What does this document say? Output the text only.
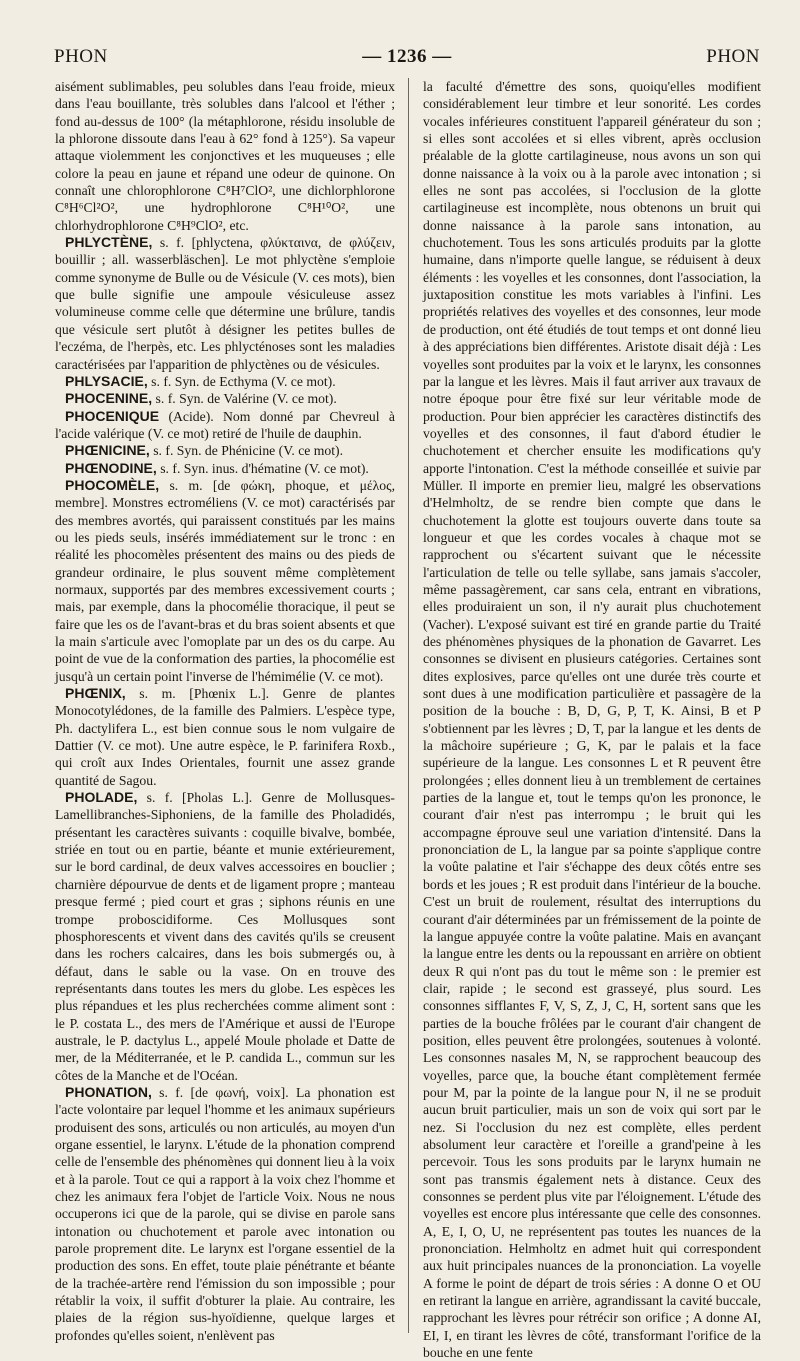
PHON	— 1236 —	PHON

aisément sublimables, peu solubles dans l'eau froide, mieux dans l'eau bouillante, très solubles dans l'alcool et l'éther ; fond au-dessus de 100° (la métaphlorone, résidu insoluble de la phlorone dissoute dans l'eau à 62° fond à 125°). Sa vapeur attaque violemment les conjonctives et les muqueuses ; elle colore la peau en jaune et répand une odeur de quinone. On connaît une chlorophlorone C⁸H⁷ClO², une dichlorphlorone C⁸H⁶Cl²O², une hydrophlorone C⁸H¹⁰O², une chlorhydrophlorone C⁸H⁹ClO², etc.

PHLYCTÈNE, s. f. [phlyctena, φλύκταινα, de φλύζειν, bouillir ; all. wasserbläschen]. Le mot phlyctène s'emploie comme synonyme de Bulle ou de Vésicule (V. ces mots), bien que bulle signifie une ampoule vésiculeuse assez volumineuse comme celle que détermine une brûlure, tandis que vésicule sert plutôt à désigner les petites bulles de l'eczéma, de l'herpès, etc. Les phlycténoses sont les maladies caractérisées par l'apparition de phlyctènes ou de vésicules.

PHLYSACIE, s. f. Syn. de Ecthyma (V. ce mot).

PHOCENINE, s. f. Syn. de Valérine (V. ce mot).

PHOCENIQUE (Acide). Nom donné par Chevreul à l'acide valérique (V. ce mot) retiré de l'huile de dauphin.

PHŒNICINE, s. f. Syn. de Phénicine (V. ce mot).

PHŒNODINE, s. f. Syn. inus. d'hématine (V. ce mot).

PHOCOMÈLE, s. m. [de φώκη, phoque, et μέλος, membre]. Monstres ectroméliens (V. ce mot) caractérisés par des membres avortés, qui paraissent constitués par les mains ou les pieds seuls, insérés immédiatement sur le tronc : en réalité les phocomèles présentent des mains ou des pieds de grandeur ordinaire, le plus souvent même complètement normaux, supportés par des membres excessivement courts ; mais, par exemple, dans la phocomélie thoracique, il peut se faire que les os de l'avant-bras et du bras soient absents et que la main s'articule avec l'omoplate par un des os du carpe. Au point de vue de la conformation des parties, la phocomélie est jusqu'à un certain point l'inverse de l'hémimélie (V. ce mot).

PHŒNIX, s. m. [Phœnix L.]. Genre de plantes Monocotylédones, de la famille des Palmiers. L'espèce type, Ph. dactylifera L., est bien connue sous le nom vulgaire de Dattier (V. ce mot). Une autre espèce, le P. farinifera Roxb., qui croît aux Indes Orientales, fournit une assez grande quantité de Sagou.

PHOLADE, s. f. [Pholas L.]. Genre de Mollusques-Lamellibranches-Siphoniens, de la famille des Pholadidés, présentant les caractères suivants : coquille bivalve, bombée, striée en tout ou en partie, béante et munie extérieurement, sur le bord cardinal, de deux valves accessoires en bouclier ; charnière dépourvue de dents et de ligament propre ; manteau presque fermé ; pied court et gras ; siphons réunis en une trompe proboscidiforme. Ces Mollusques sont phosphorescents et vivent dans des cavités qu'ils se creusent dans les rochers calcaires, dans les bois submergés ou, à défaut, dans le sable ou la vase. On en trouve des représentants dans toutes les mers du globe. Les espèces les plus répandues et les plus recherchées comme aliment sont : le P. costata L., des mers de l'Amérique et aussi de l'Europe australe, le P. dactylus L., appelé Moule pholade et Datte de mer, de la Méditerranée, et le P. candida L., commun sur les côtes de la Manche et de l'Océan.

PHONATION, s. f. [de φωνή, voix]. La phonation est l'acte volontaire par lequel l'homme et les animaux supérieurs produisent des sons, articulés ou non articulés, au moyen d'un organe essentiel, le larynx. L'étude de la phonation comprend celle de l'ensemble des phénomènes qui donnent lieu à la voix et à la parole. Tout ce qui a rapport à la voix chez l'homme et chez les animaux fera l'objet de l'article Voix. Nous ne nous occuperons ici que de la parole, qui se divise en parole sans intonation ou chuchotement et parole avec intonation ou parole proprement dite. Le larynx est l'organe essentiel de la production des sons. En effet, toute plaie pénétrante et béante de la trachée-artère rend l'émission du son impossible ; pour rétablir la voix, il suffit d'obturer la plaie. Au contraire, les plaies de la région sus-hyoïdienne, quelque larges et profondes qu'elles soient, n'enlèvent pas

la faculté d'émettre des sons, quoiqu'elles modifient considérablement leur timbre et leur sonorité. Les cordes vocales inférieures constituent l'appareil générateur du son ; si elles sont accolées et si elles vibrent, après occlusion préalable de la glotte cartilagineuse, nous avons un son qui donne naissance à la voix ou à la parole avec intonation ; si elles ne sont pas accolées, si l'occlusion de la glotte cartilagineuse est incomplète, nous obtenons un bruit qui donne naissance à la parole sans intonation, au chuchotement. Tous les sons articulés produits par la glotte humaine, dans n'importe quelle langue, se réduisent à deux éléments : les voyelles et les consonnes, dont l'association, la juxtaposition constitue les mots variables à l'infini. Les propriétés relatives des voyelles et des consonnes, leur mode de production, ont été étudiés de tout temps et ont donné lieu à des appréciations bien différentes. Aristote disait déjà : Les voyelles sont produites par la voix et le larynx, les consonnes par la langue et les lèvres. Mais il faut arriver aux travaux de notre époque pour être fixé sur leur véritable mode de production. Pour bien apprécier les caractères distinctifs des voyelles et des consonnes, il faut d'abord étudier le chuchotement et chercher ensuite les modifications qu'y apporte l'intonation. C'est la méthode conseillée et suivie par Müller. Il importe en premier lieu, malgré les observations d'Helmholtz, de se rendre bien compte que dans le chuchotement la glotte est toujours ouverte dans toute sa longueur et que les cordes vocales à chaque mot se rapprochent ou s'écartent suivant que le nécessite l'articulation de telle ou telle syllabe, sans jamais s'accoler, même passagèrement, car sans cela, entrant en vibrations, elles produiraient un son, il n'y aurait plus chuchotement (Vacher). L'exposé suivant est tiré en grande partie du Traité des phénomènes physiques de la phonation de Gavarret. Les consonnes se divisent en plusieurs catégories. Certaines sont dites explosives, parce qu'elles ont une durée très courte et sont dues à une modification particulière et passagère de la position de la bouche : B, D, G, P, T, K. Ainsi, B et P s'obtiennent par les lèvres ; D, T, par la langue et les dents de la mâchoire supérieure ; G, K, par le palais et la face supérieure de la langue. Les consonnes L et R peuvent être prolongées ; elles donnent lieu à un tremblement de certaines parties de la langue et, tout le temps qu'on les prononce, le courant d'air n'est pas interrompu ; le bruit qui les accompagne éprouve seul une variation d'intensité. Dans la prononciation de L, la langue par sa pointe s'applique contre la voûte palatine et l'air s'échappe des deux côtés entre ses bords et les joues ; R est produit dans l'intérieur de la bouche. C'est un bruit de roulement, résultat des interruptions du courant d'air déterminées par un frémissement de la pointe de la langue appuyée contre la voûte palatine. Mais en avançant la langue entre les dents ou la repoussant en arrière on obtient deux R qui n'ont pas du tout le même son : le premier est clair, rapide ; le second est grasseyé, plus sourd. Les consonnes sifflantes F, V, S, Z, J, C, H, sortent sans que les parties de la bouche frôlées par le courant d'air changent de position, elles peuvent être prolongées, soutenues à volonté. Les consonnes nasales M, N, se rapprochent beaucoup des voyelles, parce que, la bouche étant complètement fermée pour M, par la pointe de la langue pour N, il ne se produit aucun bruit particulier, mais un son de voix qui sort par le nez. Si l'occlusion du nez est complète, elles perdent absolument leur caractère et l'oreille a grand'peine à les percevoir. Tous les sons produits par le larynx humain ne sont pas transmis également nets à distance. Ceux des consonnes se perdent plus vite par l'éloignement. L'étude des voyelles est encore plus intéressante que celle des consonnes. A, E, I, O, U, ne représentent pas toutes les nuances de la prononciation. Helmholtz en admet huit qui correspondent aux huit principales nuances de la prononciation. La voyelle A forme le point de départ de trois séries : A donne O et OU en retirant la langue en arrière, agrandissant la cavité buccale, rapprochant les lèvres pour rétrécir son orifice ; A donne AI, EI, I, en tirant les lèvres de côté, transformant l'orifice de la bouche en une fente
